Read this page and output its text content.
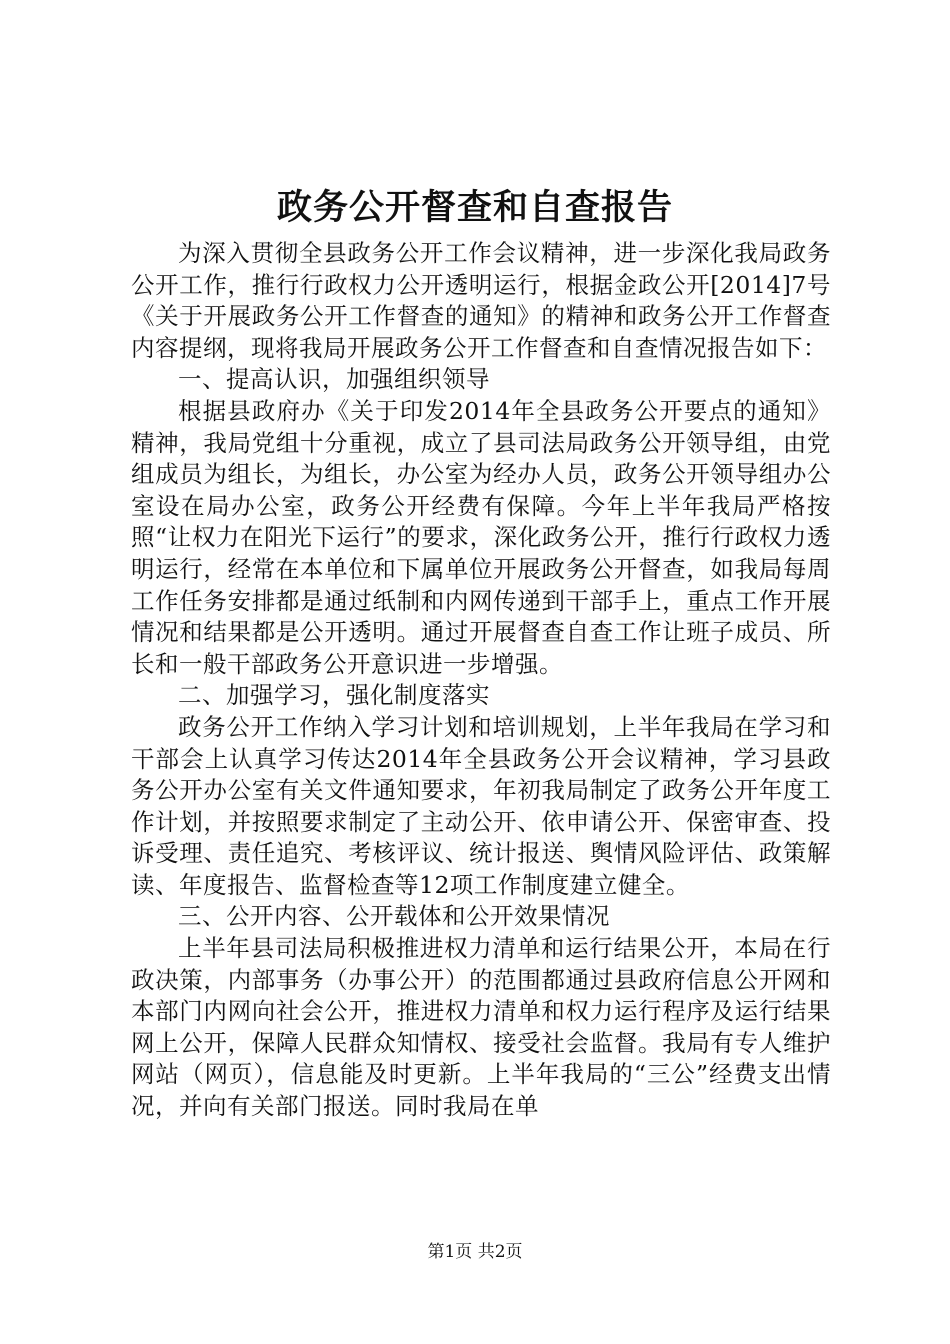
政务公开督查和自查报告

为深入贯彻全县政务公开工作会议精神，进一步深化我局政务公开工作，推行行政权力公开透明运行，根据金政公开[2014]7号《关于开展政务公开工作督查的通知》的精神和政务公开工作督查内容提纲，现将我局开展政务公开工作督查和自查情况报告如下：

一、提高认识，加强组织领导

根据县政府办《关于印发2014年全县政务公开要点的通知》精神，我局党组十分重视，成立了县司法局政务公开领导组，由党组成员为组长，为组长，办公室为经办人员，政务公开领导组办公室设在局办公室，政务公开经费有保障。今年上半年我局严格按照“让权力在阳光下运行”的要求，深化政务公开，推行行政权力透明运行，经常在本单位和下属单位开展政务公开督查，如我局每周工作任务安排都是通过纸制和内网传递到干部手上，重点工作开展情况和结果都是公开透明。通过开展督查自查工作让班子成员、所长和一般干部政务公开意识进一步增强。

二、加强学习，强化制度落实

政务公开工作纳入学习计划和培训规划，上半年我局在学习和干部会上认真学习传达2014年全县政务公开会议精神，学习县政务公开办公室有关文件通知要求，年初我局制定了政务公开年度工作计划，并按照要求制定了主动公开、依申请公开、保密审查、投诉受理、责任追究、考核评议、统计报送、舆情风险评估、政策解读、年度报告、监督检查等12项工作制度建立健全。

三、公开内容、公开载体和公开效果情况

上半年县司法局积极推进权力清单和运行结果公开，本局在行政决策，内部事务（办事公开）的范围都通过县政府信息公开网和本部门内网向社会公开，推进权力清单和权力运行程序及运行结果网上公开，保障人民群众知情权、接受社会监督。我局有专人维护网站（网页），信息能及时更新。上半年我局的“三公”经费支出情况，并向有关部门报送。同时我局在单

第1页 共2页
